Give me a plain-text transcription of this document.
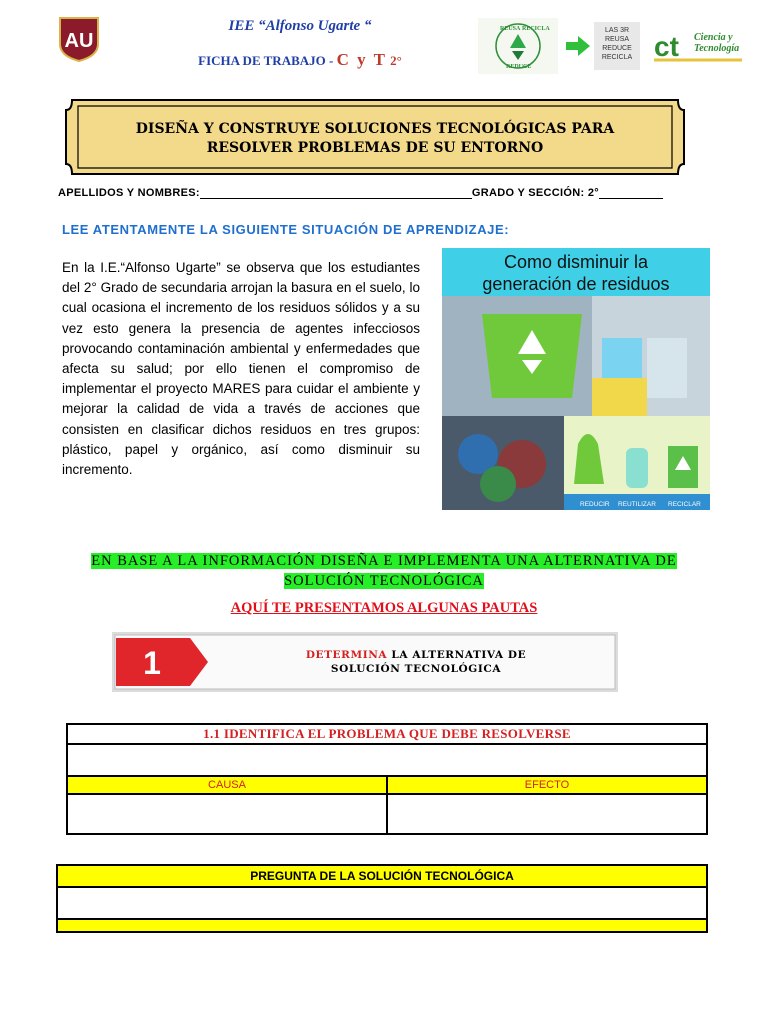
AU
IEE “Alfonso Ugarte “
FICHA DE TRABAJO - C y T 2°
REUSA RECICLA
REDUCE
LAS 3R
REUSA
REDUCE
RECICLA ct Ciencia y
Tecnología
DISEÑA Y CONSTRUYE SOLUCIONES TECNOLÓGICAS PARA
RESOLVER PROBLEMAS DE SU ENTORNO
APELLIDOS Y NOMBRES:	GRADO Y SECCIÓN: 2°
LEE ATENTAMENTE LA SIGUIENTE SITUACIÓN DE APRENDIZAJE:
En la I.E.“Alfonso Ugarte” se observa que los estudiantes del 2° Grado de secundaria arrojan la basura en el suelo, lo cual ocasiona el incremento de los residuos sólidos y a su vez esto genera la presencia de agentes infecciosos provocando contaminación ambiental y enfermedades que afecta su salud; por ello tienen el compromiso de implementar el proyecto MARES para cuidar el ambiente y mejorar la calidad de vida a través de acciones que consisten en clasificar dichos residuos en tres grupos: plástico, papel y orgánico, así como disminuir su incremento.
Como disminuir la
generación de residuos
REDUCIR REUTILIZAR RECICLAR
EN BASE A LA INFORMACIÓN DISEÑA E IMPLEMENTA UNA ALTERNATIVA DE
SOLUCIÓN TECNOLÓGICA
AQUÍ TE PRESENTAMOS ALGUNAS PAUTAS
1	DETERMINA LA ALTERNATIVA DE
SOLUCIÓN TECNOLÓGICA
1.1 IDENTIFICA EL PROBLEMA QUE DEBE RESOLVERSE	

CAUSA	EFECTO

PREGUNTA DE LA SOLUCIÓN TECNOLÓGICA
